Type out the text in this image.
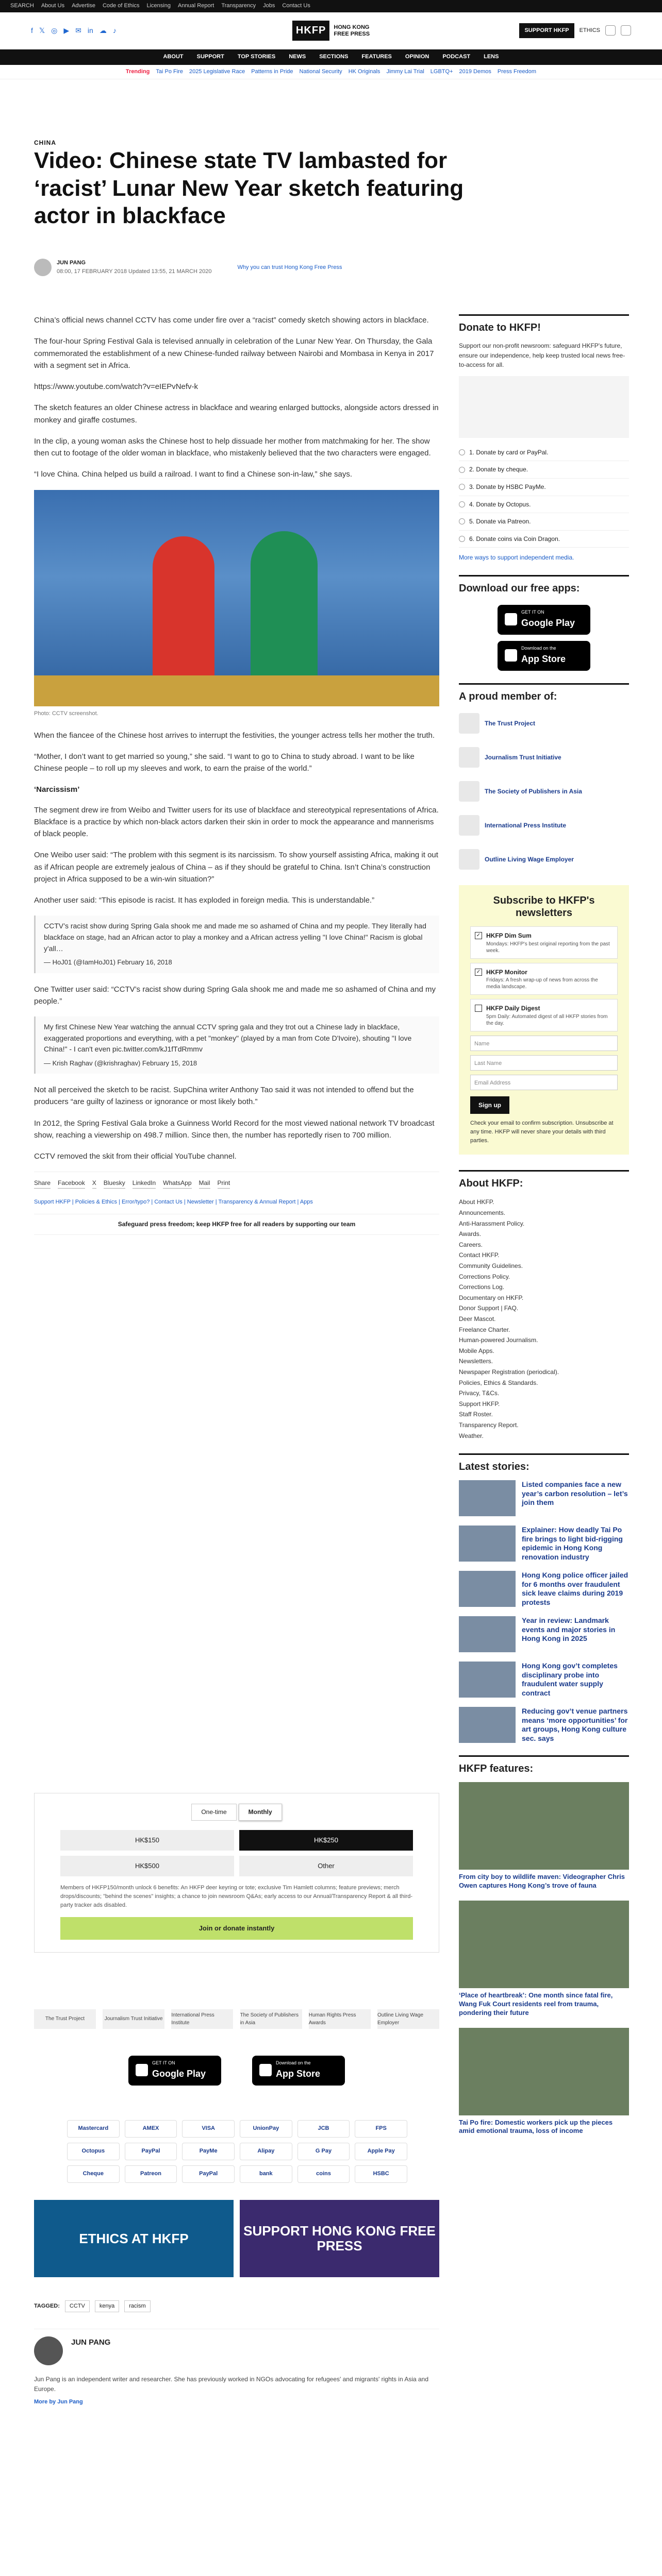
SEARCH About Us Advertise Code of Ethics Licensing Annual Report Transparency Jobs Contact Us
f 𝕏 ◎ ▶ ✉ in ☁ ♪	HKFP	HONG KONG
FREE PRESS
SUPPORT HKFP	ETHICS
ABOUT SUPPORT TOP STORIES NEWS SECTIONS FEATURES OPINION PODCAST LENS
Trending Tai Po Fire 2025 Legislative Race Patterns in Pride National Security HK Originals Jimmy Lai Trial LGBTQ+ 2019 Demos Press Freedom
CHINA
Video: Chinese state TV lambasted for ‘racist’ Lunar New Year sketch featuring actor in blackface
JUN PANG
08:00, 17 FEBRUARY 2018 Updated 13:55, 21 MARCH 2020
Why you can trust Hong Kong Free Press

China’s official news channel CCTV has come under fire over a “racist” comedy sketch showing actors in blackface.

The four-hour Spring Festival Gala is televised annually in celebration of the Lunar New Year. On Thursday, the Gala commemorated the establishment of a new Chinese-funded railway between Nairobi and Mombasa in Kenya in 2017 with a segment set in Africa.

https://www.youtube.com/watch?v=eIEPvNefv-k

The sketch features an older Chinese actress in blackface and wearing enlarged buttocks, alongside actors dressed in monkey and giraffe costumes.

In the clip, a young woman asks the Chinese host to help dissuade her mother from matchmaking for her. The show then cut to footage of the older woman in blackface, who mistakenly believed that the two characters were engaged.

“I love China. China helped us build a railroad. I want to find a Chinese son-in-law,” she says.

Photo: CCTV screenshot.

When the fiancee of the Chinese host arrives to interrupt the festivities, the younger actress tells her mother the truth.

“Mother, I don’t want to get married so young,” she said. “I want to go to China to study abroad. I want to be like Chinese people – to roll up my sleeves and work, to earn the praise of the world.”

‘Narcissism’

The segment drew ire from Weibo and Twitter users for its use of blackface and stereotypical representations of Africa. Blackface is a practice by which non-black actors darken their skin in order to mock the appearance and mannerisms of black people.

One Weibo user said: “The problem with this segment is its narcissism. To show yourself assisting Africa, making it out as if African people are extremely jealous of China – as if they should be grateful to China. Isn’t China’s construction project in Africa supposed to be a win-win situation?”

Another user said: “This episode is racist. It has exploded in foreign media. This is understandable.”

CCTV’s racist show during Spring Gala shook me and made me so ashamed of China and my people. They literally had blackface on stage, had an African actor to play a monkey and a African actress yelling "I love China!" Racism is global y'all…
— HoJ01 (@IamHoJ01) February 16, 2018

One Twitter user said: “CCTV’s racist show during Spring Gala shook me and made me so ashamed of China and my people.”

My first Chinese New Year watching the annual CCTV spring gala and they trot out a Chinese lady in blackface, exaggerated proportions and everything, with a pet "monkey" (played by a man from Cote D'Ivoire), shouting "I love China!" - I can't even pic.twitter.com/kJ1fTdRmmv
— Krish Raghav (@krishraghav) February 15, 2018

Not all perceived the sketch to be racist. SupChina writer Anthony Tao said it was not intended to offend but the producers “are guilty of laziness or ignorance or most likely both.”

In 2012, the Spring Festival Gala broke a Guinness World Record for the most viewed national network TV broadcast show, reaching a viewership on 498.7 million. Since then, the number has reportedly risen to 700 million.

CCTV removed the skit from their official YouTube channel.

Share Facebook X Bluesky LinkedIn WhatsApp Mail Print
Support HKFP | Policies & Ethics | Error/typo? | Contact Us | Newsletter | Transparency & Annual Report | Apps
Safeguard press freedom; keep HKFP free for all readers by supporting our team
One-time	Monthly
HK$150	HK$250
HK$500	Other
Members of HKFP150/month unlock 6 benefits: An HKFP deer keyring or tote; exclusive Tim Hamlett columns; feature previews; merch drops/discounts; "behind the scenes" insights; a chance to join newsroom Q&As; early access to our Annual/Transparency Report & all third-party tracker ads disabled.
Join or donate instantly
The Trust Project	Journalism Trust Initiative
International Press Institute
The Society of Publishers in Asia
Human Rights Press Awards
Outline Living Wage Employer
GET IT ON
Google Play
Download on the
App Store
Mastercard	AMEX	VISA	UnionPay	JCB	FPS
Octopus	PayPal	PayMe	Alipay	G Pay	Apple Pay
Cheque	Patreon	PayPal	bank	coins	HSBC
ETHICS AT HKFP	SUPPORT HONG KONG FREE PRESS
TAGGED:	CCTV	kenya	racism
JUN PANG

Jun Pang is an independent writer and researcher. She has previously worked in NGOs advocating for refugees' and migrants' rights in Asia and Europe.

More by Jun Pang
Donate to HKFP!

Support our non-profit newsroom: safeguard HKFP's future, ensure our independence, help keep trusted local news free-to-access for all.

1. Donate by card or PayPal.
2. Donate by cheque.
3. Donate by HSBC PayMe.
4. Donate by Octopus.
5. Donate via Patreon.
6. Donate coins via Coin Dragon.

More ways to support independent media.

Download our free apps:
GET IT ON
Google Play
Download on the
App Store
A proud member of:
The Trust Project
Journalism Trust Initiative
The Society of Publishers in Asia
International Press Institute
Outline Living Wage Employer
Subscribe to HKFP's newsletters
✓ HKFP Dim Sum
Mondays: HKFP's best original reporting from the past week.
✓ HKFP Monitor
Fridays: A fresh wrap-up of news from across the media landscape.
HKFP Daily Digest
5pm Daily: Automated digest of all HKFP stories from the day.
Name
Last Name
Email Address
Sign up
Check your email to confirm subscription. Unsubscribe at any time. HKFP will never share your details with third parties.
About HKFP:
About HKFP.
Announcements.
Anti-Harassment Policy.
Awards.
Careers.
Contact HKFP.
Community Guidelines.
Corrections Policy.
Corrections Log.
Documentary on HKFP.
Donor Support | FAQ.
Deer Mascot.
Freelance Charter.
Human-powered Journalism.
Mobile Apps.
Newsletters.
Newspaper Registration (periodical).
Policies, Ethics & Standards.
Privacy, T&Cs.
Support HKFP.
Staff Roster.
Transparency Report.
Weather.
Latest stories:
Listed companies face a new year’s carbon resolution – let’s join them
Explainer: How deadly Tai Po fire brings to light bid-rigging epidemic in Hong Kong renovation industry
Hong Kong police officer jailed for 6 months over fraudulent sick leave claims during 2019 protests
Year in review: Landmark events and major stories in Hong Kong in 2025
Hong Kong gov’t completes disciplinary probe into fraudulent water supply contract
Reducing gov’t venue partners means ‘more opportunities’ for art groups, Hong Kong culture sec. says
HKFP features:
From city boy to wildlife maven: Videographer Chris Owen captures Hong Kong’s trove of fauna
‘Place of heartbreak’: One month since fatal fire, Wang Fuk Court residents reel from trauma, pondering their future
Tai Po fire: Domestic workers pick up the pieces amid emotional trauma, loss of income
